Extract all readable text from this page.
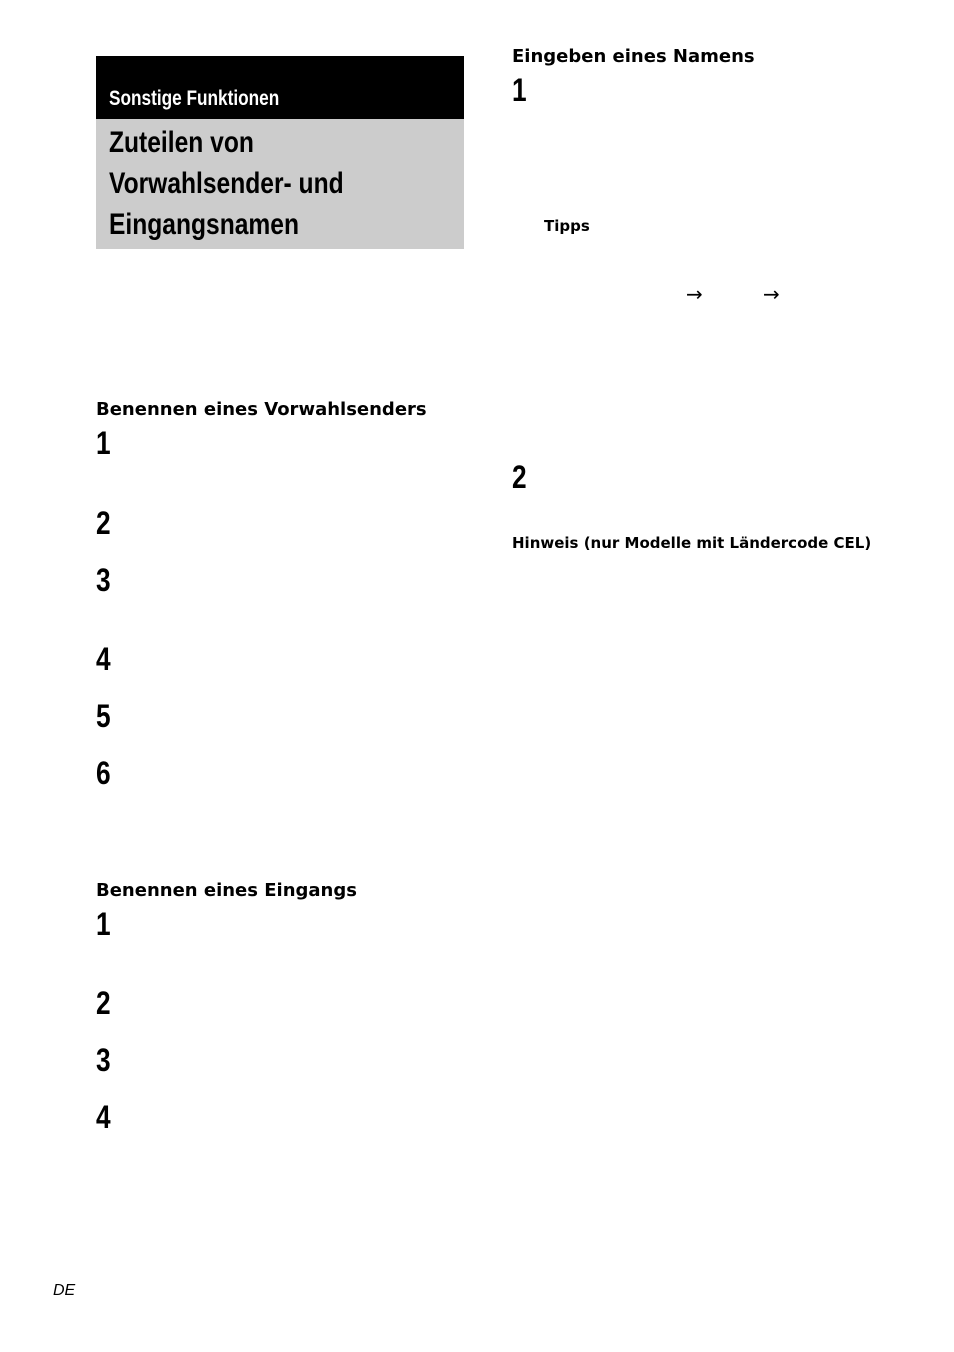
Sonstige Funktionen
Zuteilen von
Vorwahlsender- und
Eingangsnamen
Benennen eines Vorwahlsenders
1
2
3
4
5
6
Benennen eines Eingangs
1
2
3
4
Eingeben eines Namens
1
Tipps
→	→
2
Hinweis (nur Modelle mit Ländercode CEL)
DE
